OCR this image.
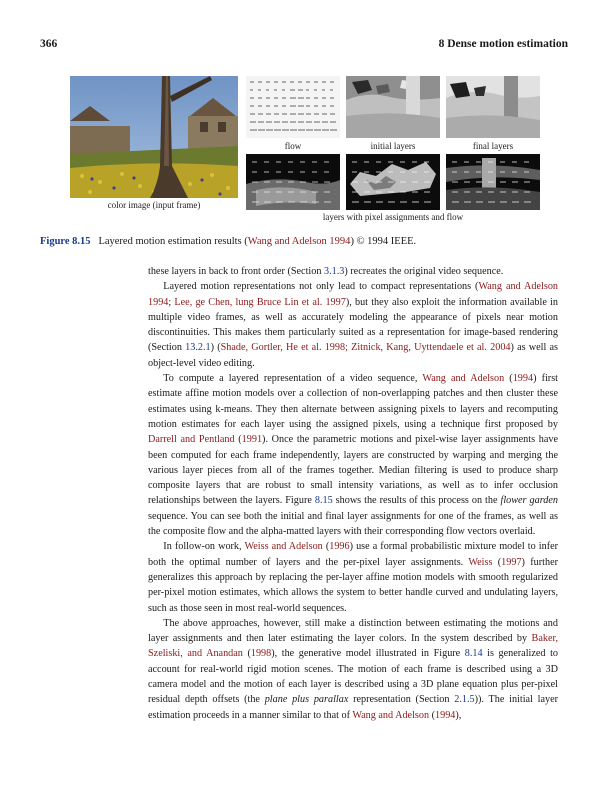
366	8 Dense motion estimation
color image (input frame)
flow	initial layers	final layers
layers with pixel assignments and flow
Figure 8.15 Layered motion estimation results (Wang and Adelson 1994) © 1994 IEEE.

these layers in back to front order (Section 3.1.3) recreates the original video sequence.

Layered motion representations not only lead to compact representations (Wang and Adelson 1994; Lee, ge Chen, lung Bruce Lin et al. 1997), but they also exploit the information available in multiple video frames, as well as accurately modeling the appearance of pixels near motion discontinuities. This makes them particularly suited as a representation for image-based rendering (Section 13.2.1) (Shade, Gortler, He et al. 1998; Zitnick, Kang, Uyttendaele et al. 2004) as well as object-level video editing.

To compute a layered representation of a video sequence, Wang and Adelson (1994) first estimate affine motion models over a collection of non-overlapping patches and then cluster these estimates using k-means. They then alternate between assigning pixels to layers and recomputing motion estimates for each layer using the assigned pixels, using a technique first proposed by Darrell and Pentland (1991). Once the parametric motions and pixel-wise layer assignments have been computed for each frame independently, layers are constructed by warping and merging the various layer pieces from all of the frames together. Median filtering is used to produce sharp composite layers that are robust to small intensity variations, as well as to infer occlusion relationships between the layers. Figure 8.15 shows the results of this process on the flower garden sequence. You can see both the initial and final layer assignments for one of the frames, as well as the composite flow and the alpha-matted layers with their corresponding flow vectors overlaid.

In follow-on work, Weiss and Adelson (1996) use a formal probabilistic mixture model to infer both the optimal number of layers and the per-pixel layer assignments. Weiss (1997) further generalizes this approach by replacing the per-layer affine motion models with smooth regularized per-pixel motion estimates, which allows the system to better handle curved and undulating layers, such as those seen in most real-world sequences.

The above approaches, however, still make a distinction between estimating the motions and layer assignments and then later estimating the layer colors. In the system described by Baker, Szeliski, and Anandan (1998), the generative model illustrated in Figure 8.14 is generalized to account for real-world rigid motion scenes. The motion of each frame is described using a 3D camera model and the motion of each layer is described using a 3D plane equation plus per-pixel residual depth offsets (the plane plus parallax representation (Section 2.1.5)). The initial layer estimation proceeds in a manner similar to that of Wang and Adelson (1994),
